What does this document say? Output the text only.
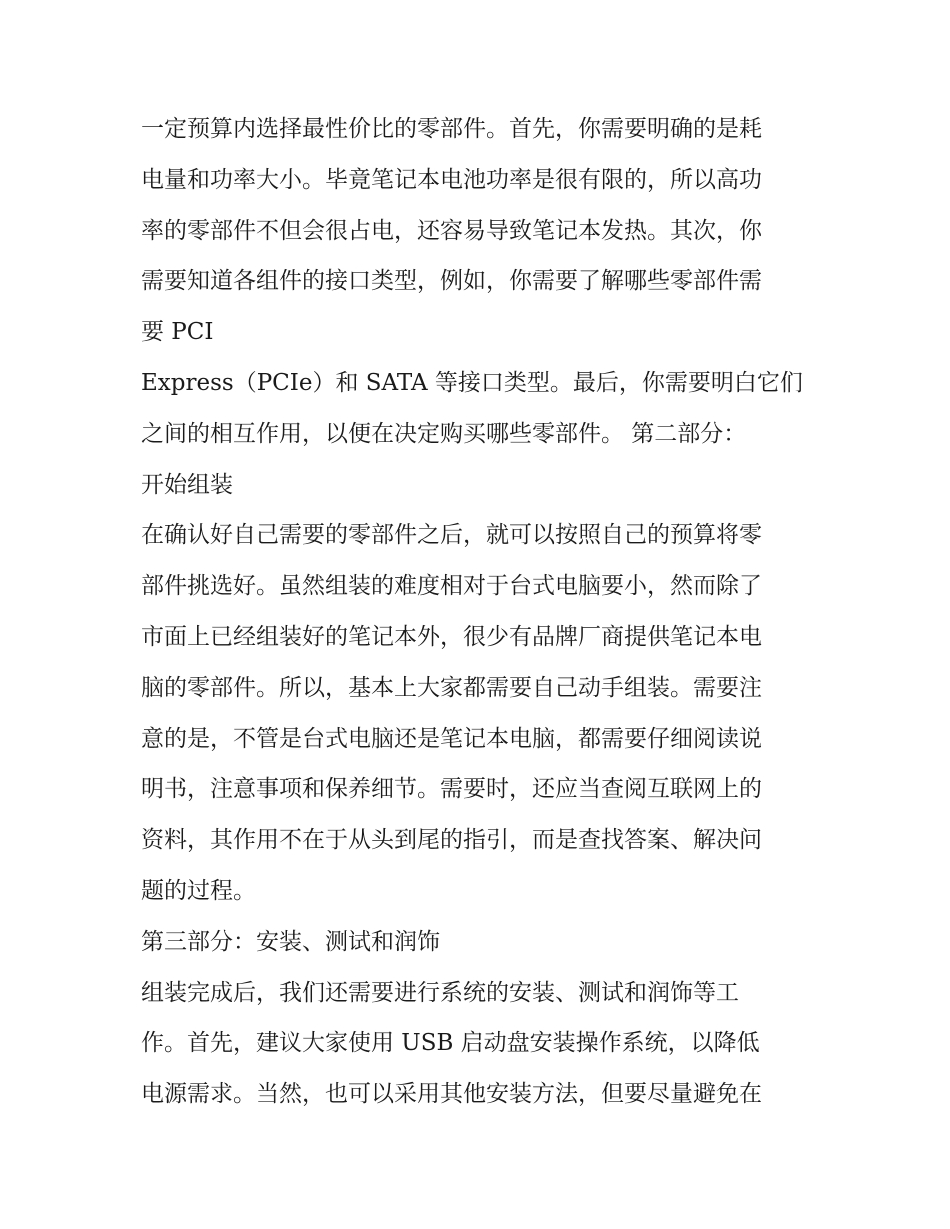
一定预算内选择最性价比的零部件。首先，你需要明确的是耗
电量和功率大小。毕竟笔记本电池功率是很有限的，所以高功
率的零部件不但会很占电，还容易导致笔记本发热。其次，你
需要知道各组件的接口类型，例如，你需要了解哪些零部件需
要 PCI
Express（PCIe）和 SATA 等接口类型。最后，你需要明白它们
之间的相互作用，以便在决定购买哪些零部件。 第二部分：
开始组装
在确认好自己需要的零部件之后，就可以按照自己的预算将零
部件挑选好。虽然组装的难度相对于台式电脑要小，然而除了
市面上已经组装好的笔记本外，很少有品牌厂商提供笔记本电
脑的零部件。所以，基本上大家都需要自己动手组装。需要注
意的是，不管是台式电脑还是笔记本电脑，都需要仔细阅读说
明书，注意事项和保养细节。需要时，还应当查阅互联网上的
资料，其作用不在于从头到尾的指引，而是查找答案、解决问
题的过程。
第三部分：安装、测试和润饰
组装完成后，我们还需要进行系统的安装、测试和润饰等工
作。首先，建议大家使用 USB 启动盘安装操作系统，以降低
电源需求。当然，也可以采用其他安装方法，但要尽量避免在
